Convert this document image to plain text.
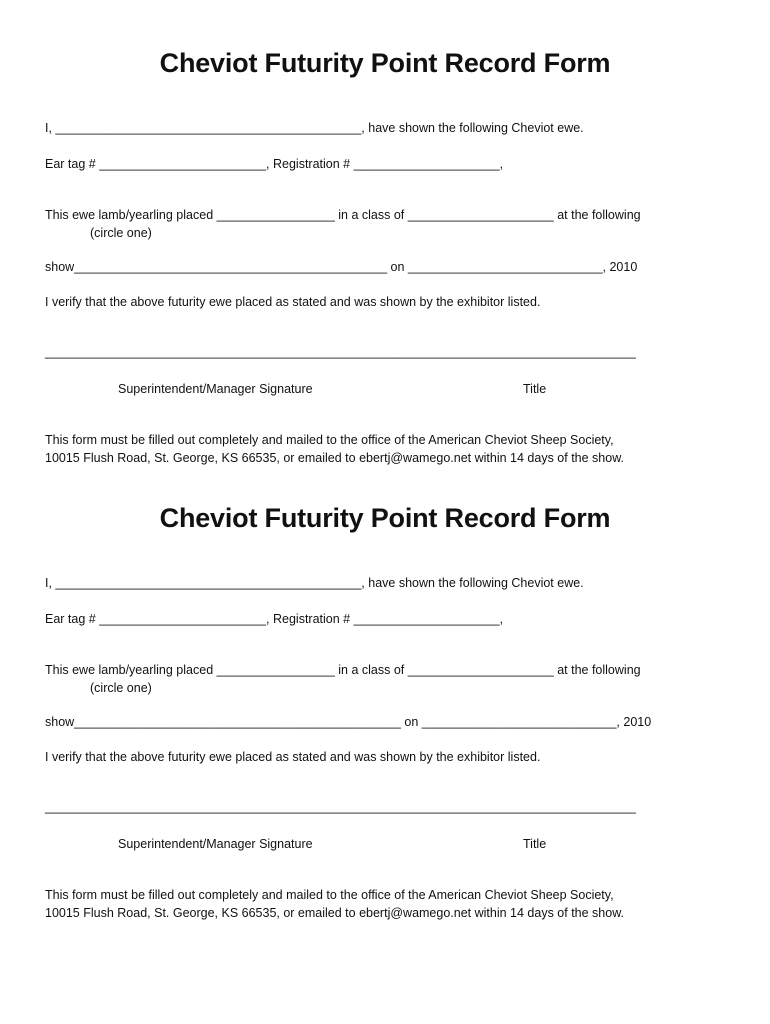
Cheviot Futurity Point Record Form
I, ____________________________________________, have shown the following Cheviot ewe.
Ear tag # ________________________, Registration # _____________________,
This ewe lamb/yearling placed _________________ in a class of _____________________ at the following
(circle one)
show_____________________________________________ on ____________________________, 2010
I verify that the above futurity ewe placed as stated and was shown by the exhibitor listed.
____________________________________________________________ _________________________
Superintendent/Manager Signature	Title
This form must be filled out completely and mailed to the office of the American Cheviot Sheep Society,
10015 Flush Road, St. George, KS 66535, or emailed to ebertj@wamego.net within 14 days of the show.
Cheviot Futurity Point Record Form
I, ____________________________________________, have shown the following Cheviot ewe.
Ear tag # ________________________, Registration # _____________________,
This ewe lamb/yearling placed _________________ in a class of _____________________ at the following
(circle one)
show_______________________________________________ on ____________________________, 2010
I verify that the above futurity ewe placed as stated and was shown by the exhibitor listed.
____________________________________________________________ _________________________
Superintendent/Manager Signature	Title
This form must be filled out completely and mailed to the office of the American Cheviot Sheep Society,
10015 Flush Road, St. George, KS 66535, or emailed to ebertj@wamego.net within 14 days of the show.
